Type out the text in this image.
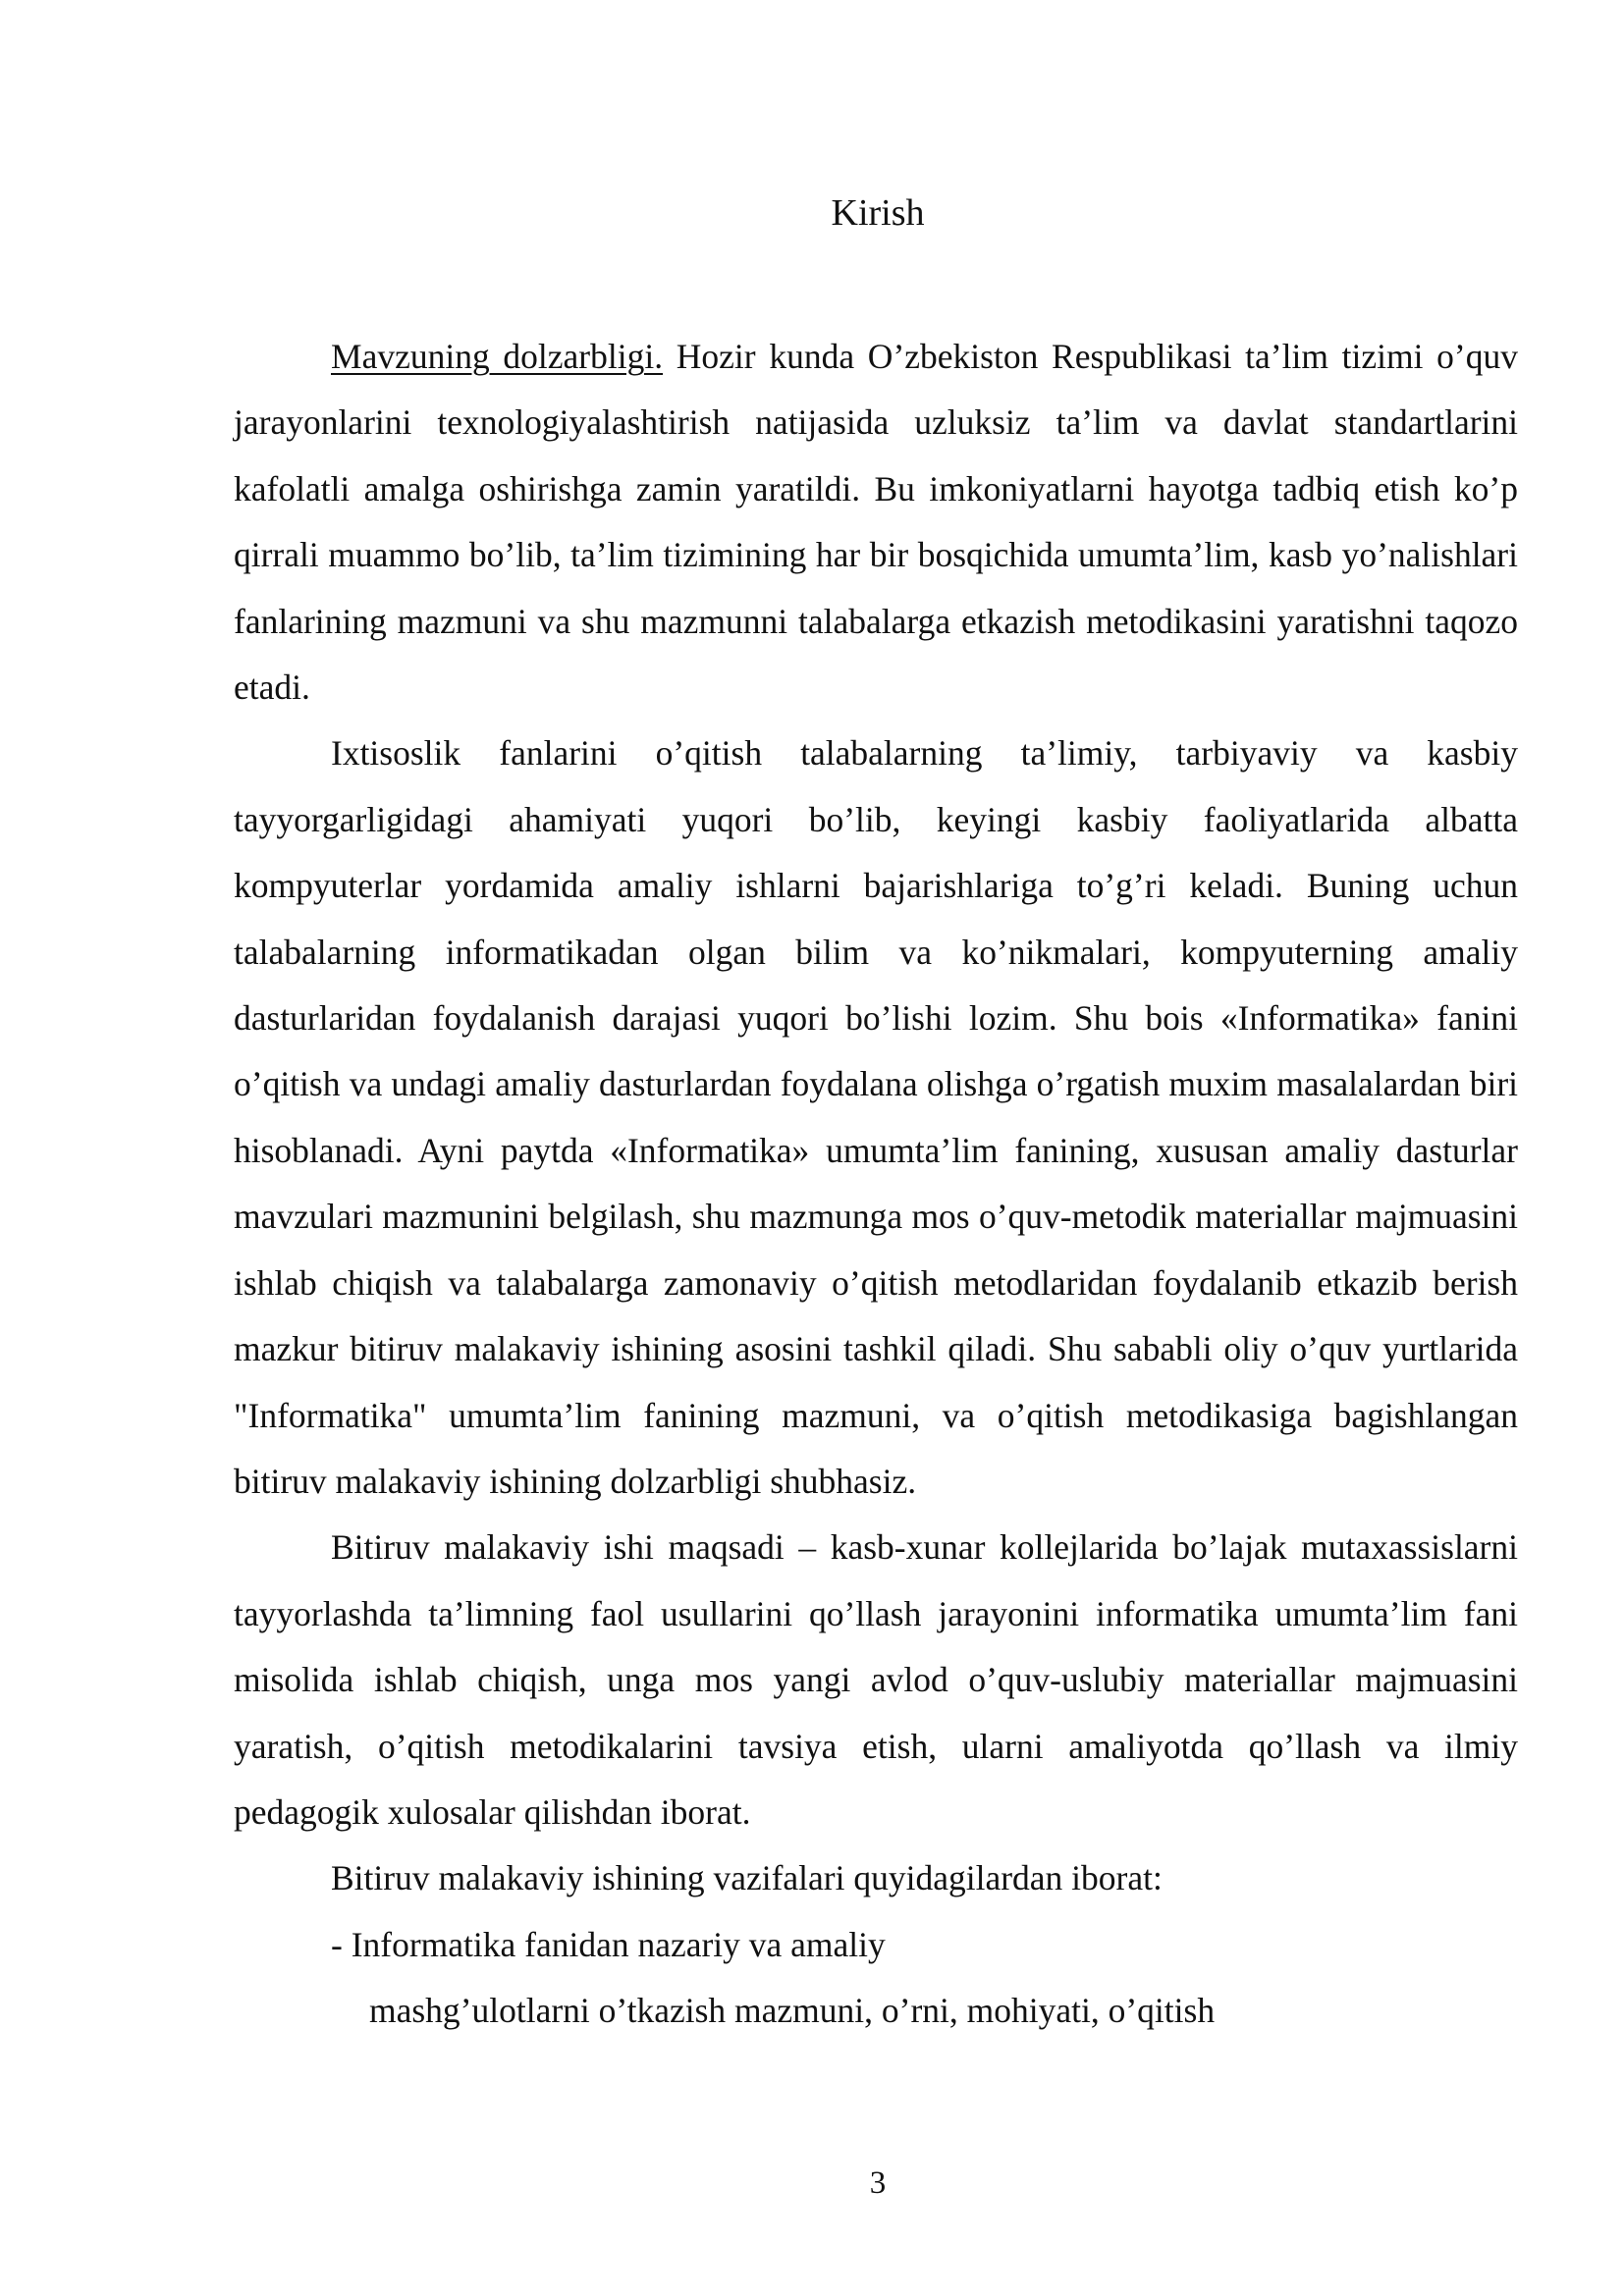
Kirish

Mavzuning dolzarbligi. Hozir kunda O’zbekiston Respublikasi ta’lim tizimi o’quv jarayonlarini texnologiyalashtirish natijasida uzluksiz ta’lim va davlat standartlarini kafolatli amalga oshirishga zamin yaratildi. Bu imkoniyatlarni hayotga tadbiq etish ko’p qirrali muammo bo’lib, ta’lim tizimining har bir bosqichida umumta’lim, kasb yo’nalishlari fanlarining mazmuni va shu mazmunni talabalarga etkazish metodikasini yaratishni taqozo etadi.

Ixtisoslik fanlarini o’qitish talabalarning ta’limiy, tarbiyaviy va kasbiy tayyorgarligidagi ahamiyati yuqori bo’lib, keyingi kasbiy faoliyatlarida albatta kompyuterlar yordamida amaliy ishlarni bajarishlariga to’g’ri keladi. Buning uchun talabalarning informatikadan olgan bilim va ko’nikmalari, kompyuterning amaliy dasturlaridan foydalanish darajasi yuqori bo’lishi lozim. Shu bois «Informatika» fanini o’qitish va undagi amaliy dasturlardan foydalana olishga o’rgatish muxim masalalardan biri hisoblanadi. Ayni paytda «Informatika» umumta’lim fanining, xususan amaliy dasturlar mavzulari mazmunini belgilash, shu mazmunga mos o’quv-metodik materiallar majmuasini ishlab chiqish va talabalarga zamonaviy o’qitish metodlaridan foydalanib etkazib berish mazkur bitiruv malakaviy ishining asosini tashkil qiladi. Shu sababli oliy o’quv yurtlarida "Informatika" umumta’lim fanining mazmuni, va o’qitish metodikasiga bagishlangan bitiruv malakaviy ishining dolzarbligi shubhasiz.

Bitiruv malakaviy ishi maqsadi – kasb-xunar kollejlarida bo’lajak mutaxassislarni tayyorlashda ta’limning faol usullarini qo’llash jarayonini informatika umumta’lim fani misolida ishlab chiqish, unga mos yangi avlod o’quv-uslubiy materiallar majmuasini yaratish, o’qitish metodikalarini tavsiya etish, ularni amaliyotda qo’llash va ilmiy pedagogik xulosalar qilishdan iborat.

Bitiruv malakaviy ishining vazifalari quyidagilardan iborat:

- Informatika fanidan nazariy va amaliy

mashg’ulotlarni o’tkazish mazmuni, o’rni, mohiyati, o’qitish

3
